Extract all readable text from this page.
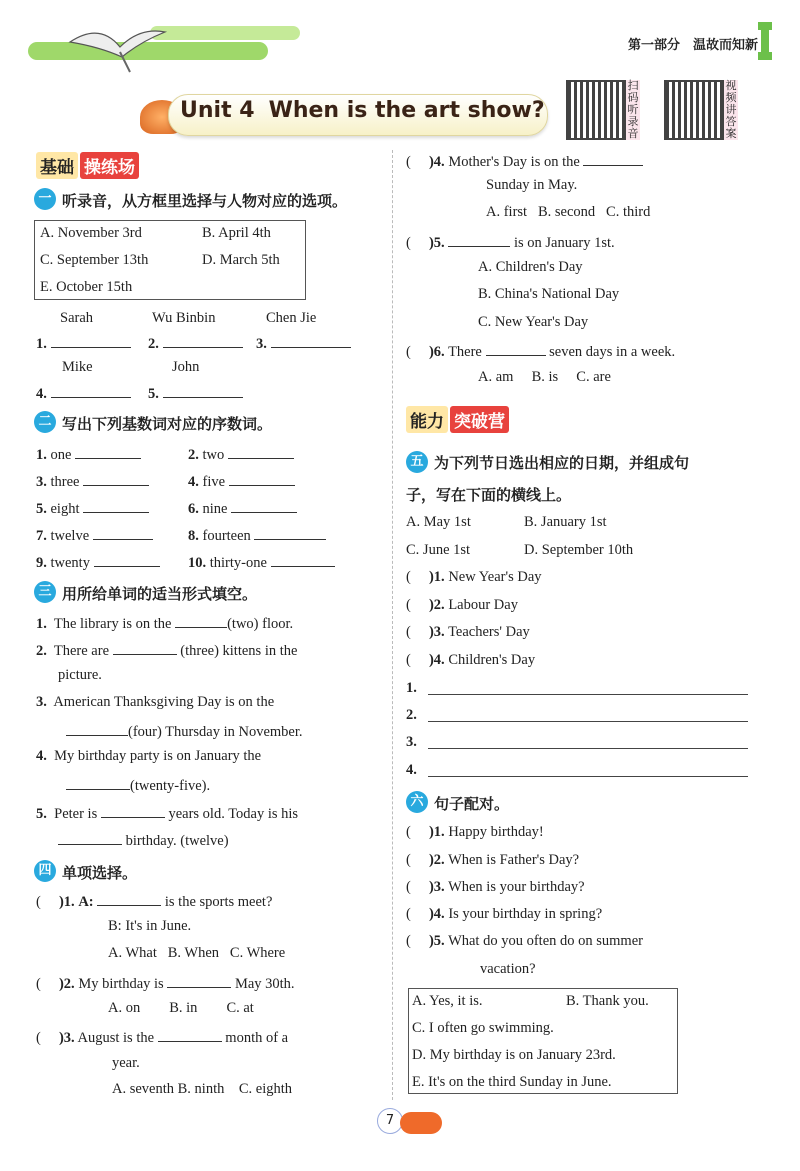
第一部分　温故而知新
Unit 4 When is the art show?
扫码听录音
视频讲答案
基础 操练场
一 听录音，从方框里选择与人物对应的选项。
A. November 3rd	B. April 4th
C. September 13th	D. March 5th
E. October 15th
Sarah	Wu Binbin	Chen Jie
1.	2.	3.
Mike	John
4.	5.
二 写出下列基数词对应的序数词。
1. one	2. two
3. three	4. five
5. eight	6. nine
7. twelve	8. fourteen
9. twenty	10. thirty-one
三 用所给单词的适当形式填空。
1. The library is on the	(two) floor.
2. There are	(three) kittens in the
picture.
3. American Thanksgiving Day is on the
(four) Thursday in November.
4. My birthday party is on January the
(twenty-five).
5. Peter is	years old. Today is his
birthday. (twelve)
四 单项选择。
( )1. A:	is the sports meet?
B: It's in June.
A. What B. When C. Where
( )2. My birthday is	May 30th.
A. on B. in C. at
( )3. August is the	month of a
year.
A. seventh B. ninth C. eighth
( )4. Mother's Day is on the
Sunday in May.
A. first B. second C. third
( )5.	is on January 1st.
A. Children's Day
B. China's National Day
C. New Year's Day
( )6. There	seven days in a week.
A. am B. is C. are
能力 突破营
五 为下列节日选出相应的日期，并组成句
子，写在下面的横线上。
A. May 1st	B. January 1st
C. June 1st	D. September 10th
( )1. New Year's Day
( )2. Labour Day
( )3. Teachers' Day
( )4. Children's Day
1.
2.
3.
4.
六 句子配对。
( )1. Happy birthday!
( )2. When is Father's Day?
( )3. When is your birthday?
( )4. Is your birthday in spring?
( )5. What do you often do on summer
vacation?
A. Yes, it is.	B. Thank you.
C. I often go swimming.
D. My birthday is on January 23rd.
E. It's on the third Sunday in June.
7
